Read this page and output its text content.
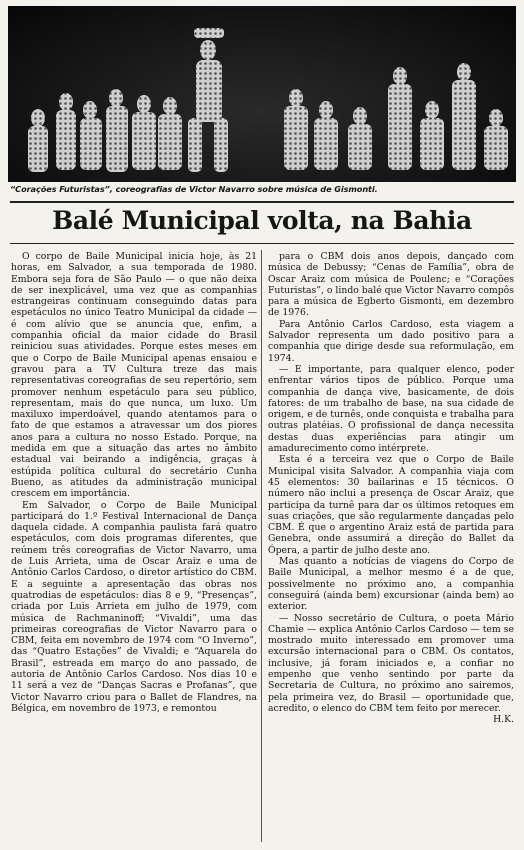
“Corações Futuristas”, coreografias de Victor Navarro sobre música de Gismonti.
Balé Municipal volta, na Bahia

O corpo de Baile Municipal inicia hoje, às 21 horas, em Salvador, a sua temporada de 1980. Embora seja fora de São Paulo — o que não deixa de ser inexplicável, uma vez que as companhias estrangeiras continuam conseguindo datas para espetáculos no único Teatro Municipal da cidade — é com alívio que se anuncia que, enfim, a companhia oficial da maior cidade do Brasil reiniciou suas atividades. Porque estes meses em que o Corpo de Baile Municipal apenas ensaiou e gravou para a TV Cultura treze das mais representativas coreografias de seu repertório, sem promover nenhum espetáculo para seu público, representam, mais do que nunca, um luxo. Um maxiluxo imperdoável, quando atentamos para o fato de que estamos a atravessar um dos piores anos para a cultura no nosso Estado. Porque, na medida em que a situação das artes no âmbito estadual vai beirando a indigência, graças à estúpida política cultural do secretário Cunha Bueno, as atitudes da administração municipal crescem em importância.

Em Salvador, o Corpo de Baile Municipal participará do 1.º Festival Internacional de Dança daquela cidade. A companhia paulista fará quatro espetáculos, com dois programas diferentes, que reúnem três coreografias de Victor Navarro, uma de Luis Arrieta, uma de Oscar Araiz e uma de Antônio Carlos Cardoso, o diretor artístico do CBM. E a seguinte a apresentação das obras nos quatrodias de espetáculos: dias 8 e 9, “Presenças”, criada por Luis Arrieta em julho de 1979, com música de Rachmaninoff; “Vivaldi”, uma das primeiras coreografias de Victor Navarro para o CBM, feita em novembro de 1974 com “O Inverno”, das “Quatro Estações” de Vivaldi; e “Aquarela do Brasil”, estreada em março do ano passado, de autoria de Antônio Carlos Cardoso. Nos dias 10 e 11 será a vez de “Danças Sacras e Profanas”, que Victor Navarro criou para o Ballet de Flandres, na Bélgica, em novembro de 1973, e remontou

para o CBM dois anos depois, dançado com música de Debussy; “Cenas de Família”, obra de Oscar Araiz com música de Poulenc; e “Corações Futuristas”, o lindo balé que Victor Navarro compôs para a música de Egberto Gismonti, em dezembro de 1976.

Para Antônio Carlos Cardoso, esta viagem a Salvador representa um dado positivo para a companhia que dirige desde sua reformulação, em 1974.

— E importante, para qualquer elenco, poder enfrentar vários tipos de público. Porque uma companhia de dança vive, basicamente, de dois fatores: de um trabalho de base, na sua cidade de origem, e de turnês, onde conquista e trabalha para outras platéias. O profissional de dança necessita destas duas experiências para atingir um amadurecimento como intérprete.

Esta é a terceira vez que o Corpo de Baile Municipal visita Salvador. A companhia viaja com 45 elementos: 30 bailarinas e 15 técnicos. O número não inclui a presença de Oscar Araiz, que participa da turnê para dar os últimos retoques em suas criações, que são regularmente dançadas pelo CBM. É que o argentino Araiz está de partida para Genebra, onde assumirá a direção do Ballet da Ópera, a partir de julho deste ano.

Mas quanto a notícias de viagens do Corpo de Baile Municipal, a melhor mesmo é a de que, possivelmente no próximo ano, a companhia conseguirá (ainda bem) excursionar (ainda bem) ao exterior.

— Nosso secretário de Cultura, o poeta Mário Chamie — explica Antônio Carlos Cardoso — tem se mostrado muito interessado em promover uma excursão internacional para o CBM. Os contatos, inclusive, já foram iniciados e, a confiar no empenho que venho sentindo por parte da Secretaria de Cultura, no próximo ano sairemos, pela primeira vez, do Brasil — oportunidade que, acredito, o elenco do CBM tem feito por merecer.

H.K.
